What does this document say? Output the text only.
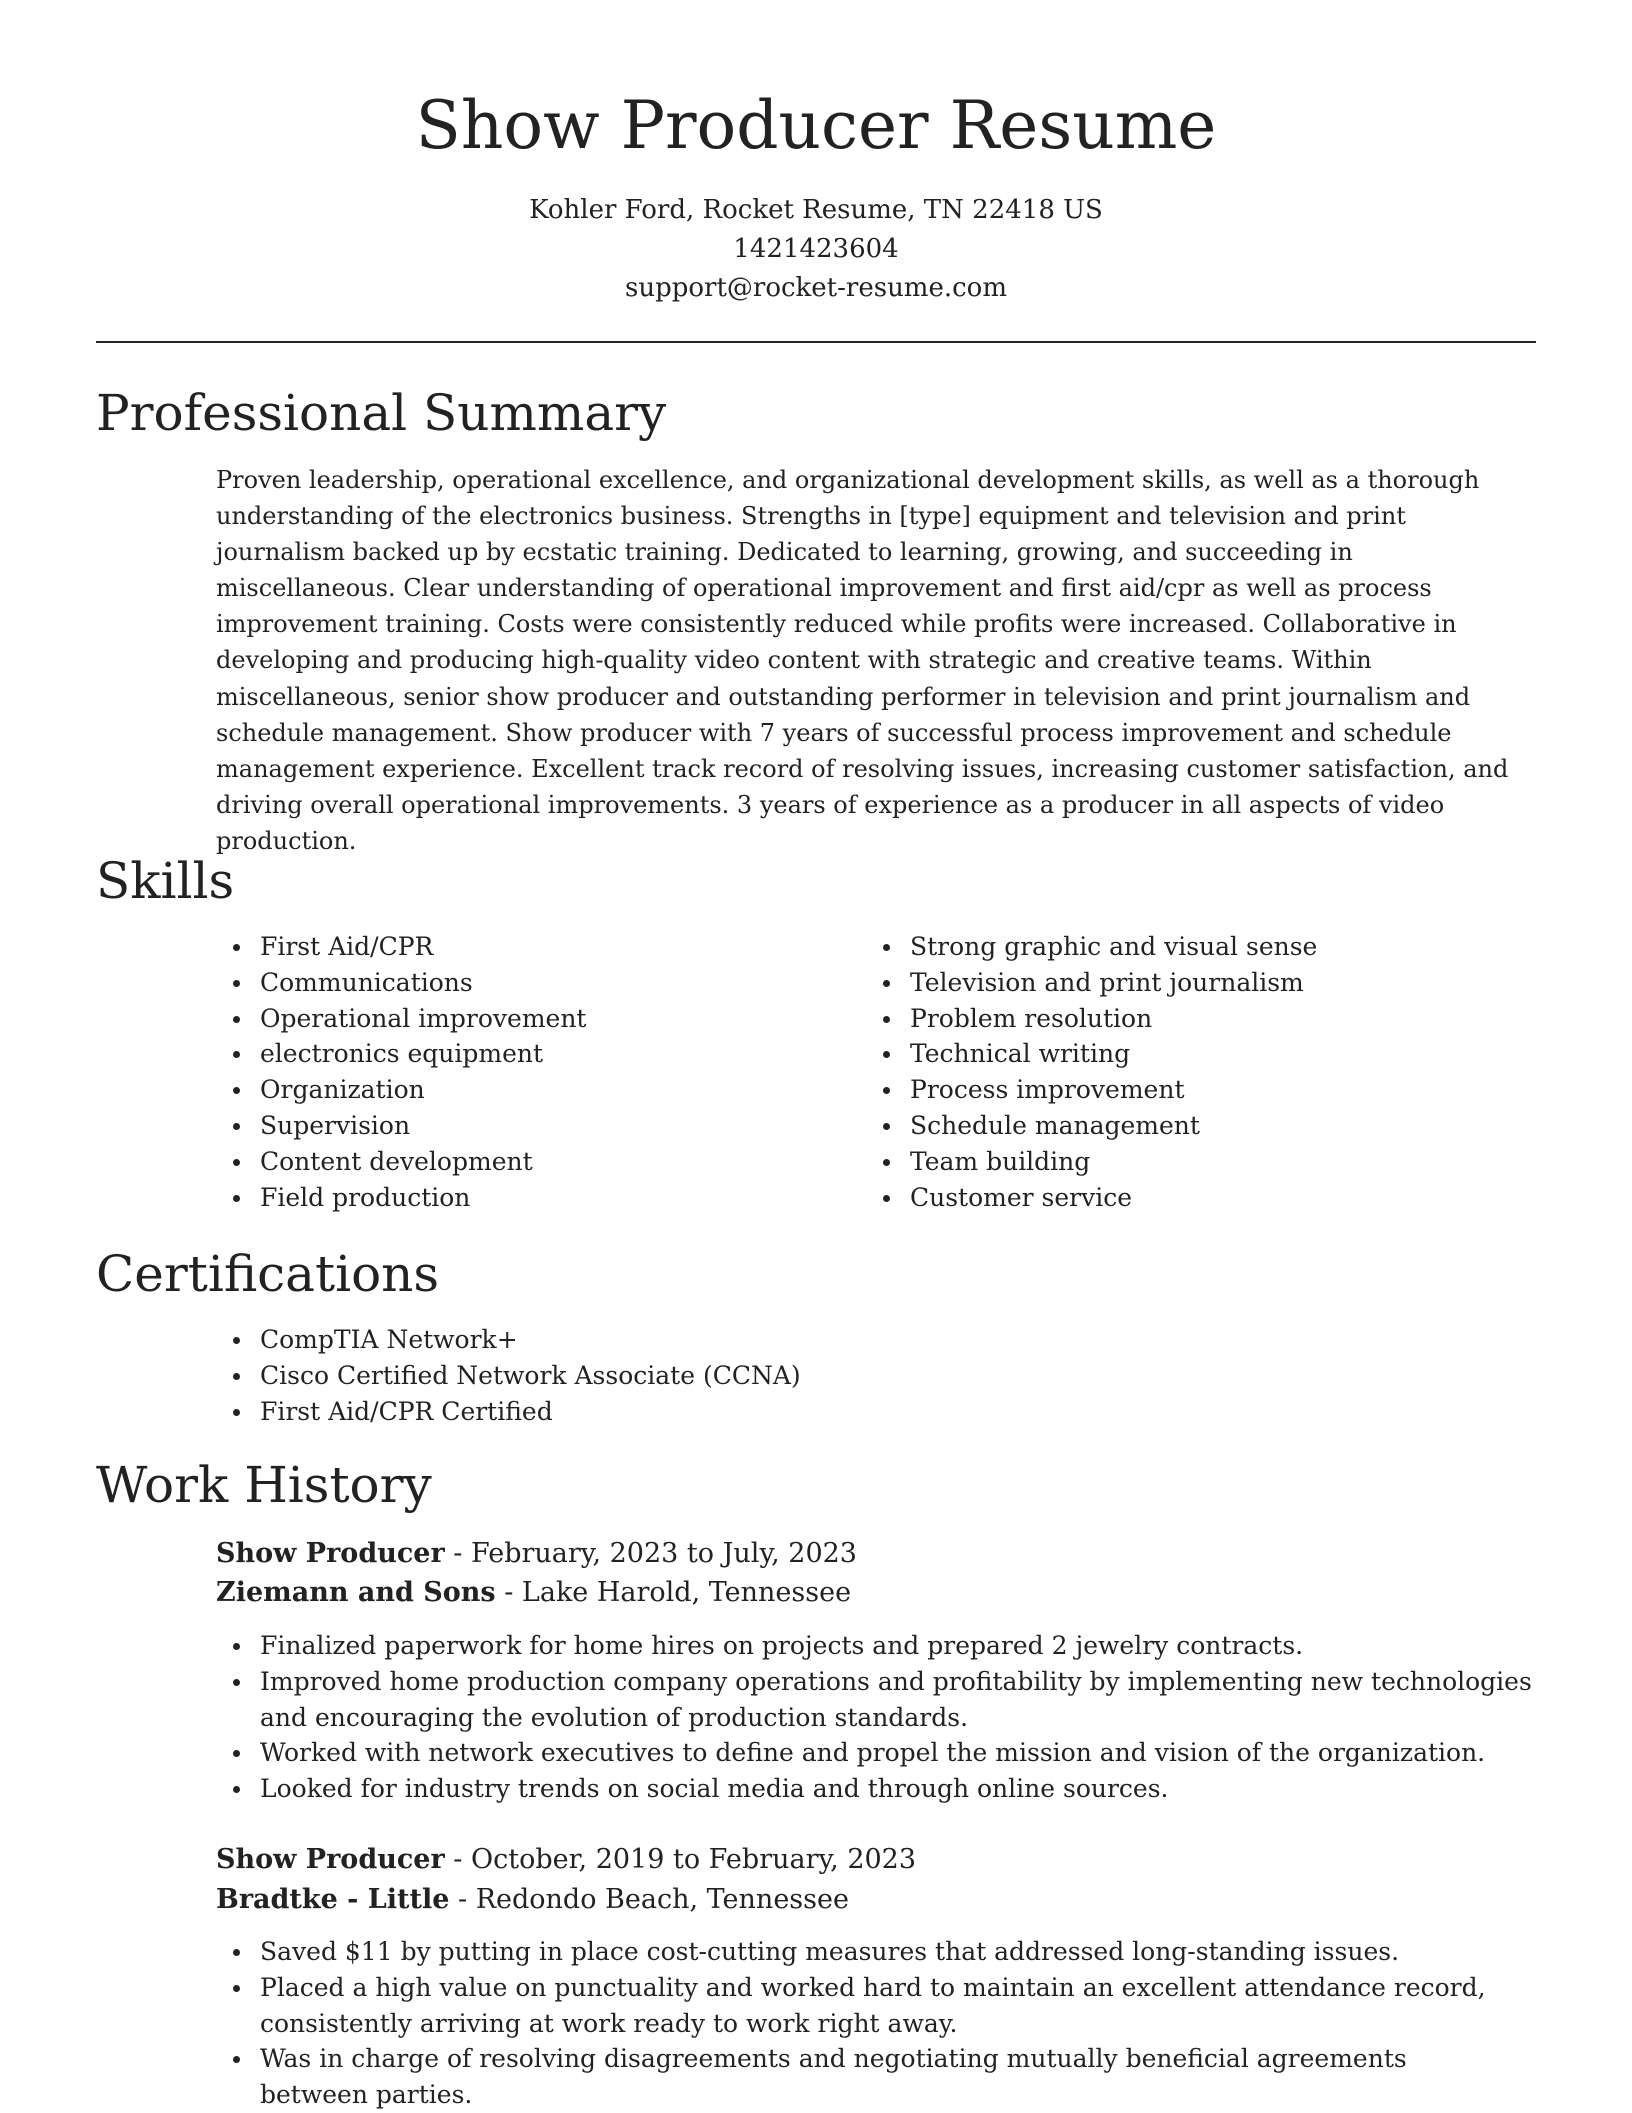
Show Producer Resume
Kohler Ford, Rocket Resume, TN 22418 US
1421423604
support@rocket-resume.com
Professional Summary

Proven leadership, operational excellence, and organizational development skills, as well as a thorough understanding of the electronics business. Strengths in [type] equipment and television and print journalism backed up by ecstatic training. Dedicated to learning, growing, and succeeding in miscellaneous. Clear understanding of operational improvement and first aid/cpr as well as process improvement training. Costs were consistently reduced while profits were increased. Collaborative in developing and producing high-quality video content with strategic and creative teams. Within miscellaneous, senior show producer and outstanding performer in television and print journalism and schedule management. Show producer with 7 years of successful process improvement and schedule management experience. Excellent track record of resolving issues, increasing customer satisfaction, and driving overall operational improvements. 3 years of experience as a producer in all aspects of video production.

Skills
First Aid/CPR
Communications
Operational improvement
electronics equipment
Organization
Supervision
Content development
Field production
Strong graphic and visual sense
Television and print journalism
Problem resolution
Technical writing
Process improvement
Schedule management
Team building
Customer service
Certifications
CompTIA Network+
Cisco Certified Network Associate (CCNA)
First Aid/CPR Certified
Work History
Show Producer - February, 2023 to July, 2023
Ziemann and Sons - Lake Harold, Tennessee
Finalized paperwork for home hires on projects and prepared 2 jewelry contracts.
Improved home production company operations and profitability by implementing new technologies and encouraging the evolution of production standards.
Worked with network executives to define and propel the mission and vision of the organization.
Looked for industry trends on social media and through online sources.
Show Producer - October, 2019 to February, 2023
Bradtke - Little - Redondo Beach, Tennessee
Saved $11 by putting in place cost-cutting measures that addressed long-standing issues.
Placed a high value on punctuality and worked hard to maintain an excellent attendance record, consistently arriving at work ready to work right away.
Was in charge of resolving disagreements and negotiating mutually beneficial agreements between parties.
